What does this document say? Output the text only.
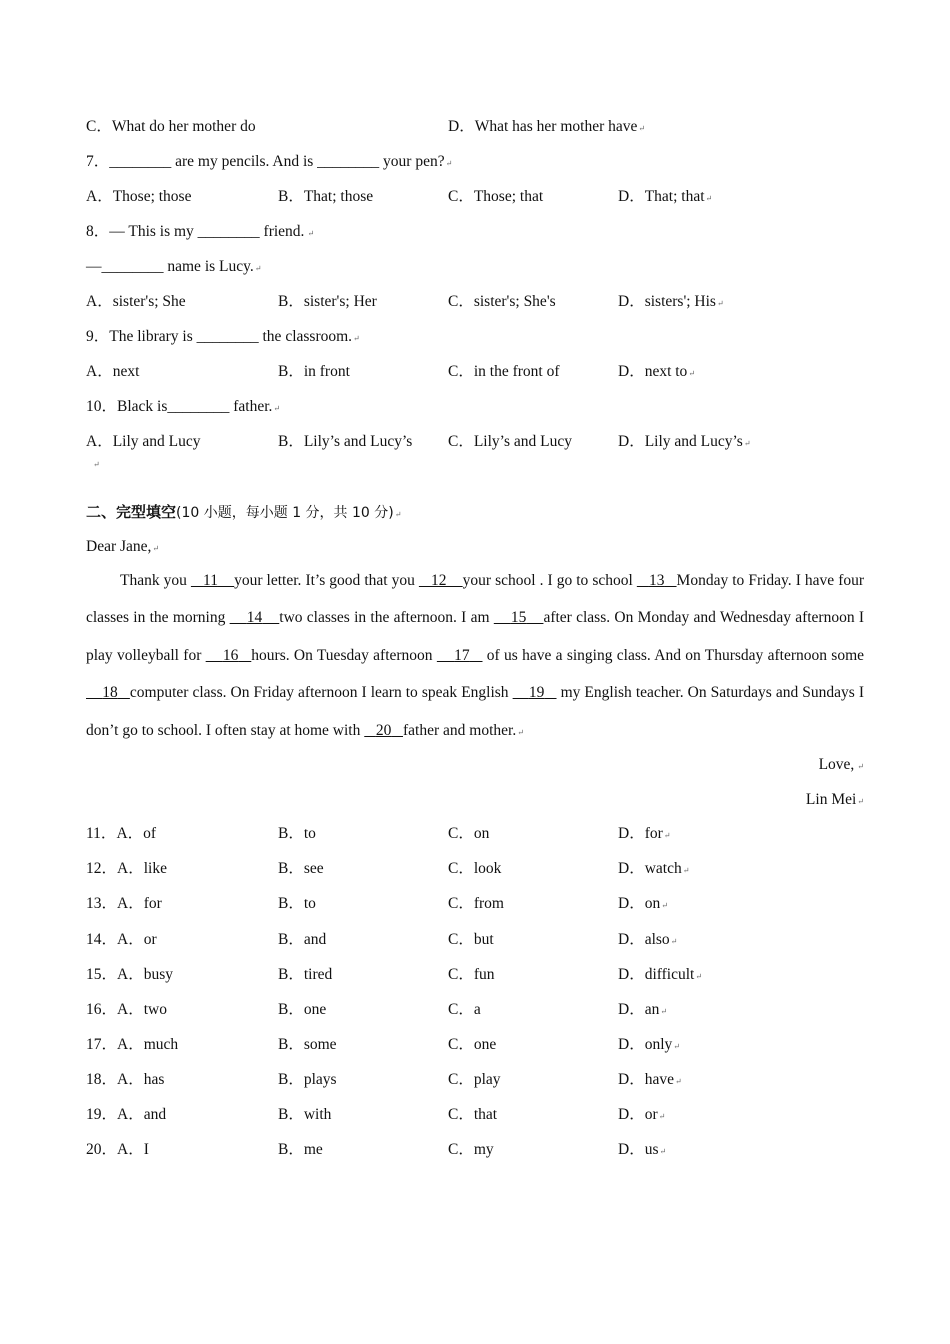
C．What do her mother do	D．What has her mother have↵
7．________ are my pencils. And is ________ your pen?↵
A．Those; those	B．That; those	C．Those; that	D．That; that↵
8．— This is my ________ friend. ↵
—________ name is Lucy.↵
A．sister's; She	B．sister's; Her	C．sister's; She's	D．sisters'; His↵
9．The library is ________ the classroom.↵
A．next	B．in front	C．in the front of	D．next to↵
10．Black is________ father.↵
A．Lily and Lucy	B．Lily’s and Lucy’s C．Lily’s and Lucy	D．Lily and Lucy’s↵
↵
二、完型填空(10 小题，每小题 1 分，共 10 分)↵
Dear Jane,↵
Thank you    11 your letter. It’s good that you    12 your school . I go to school    13 Monday to Friday. I have four classes in the morning     14 two classes in the afternoon. I am     15 after class. On Monday and Wednesday afternoon I play volleyball for     16 hours. On Tuesday afternoon     17    of us have a singing class. And on Thursday afternoon some     18 computer class. On Friday afternoon I learn to speak English     19    my English teacher. On Saturdays and Sundays I don’t go to school. I often stay at home with    20 father and mother.↵
Love, ↵
Lin Mei↵
11．A．of	B．to	C．on	D．for↵
12．A．like	B．see	C．look	D．watch↵
13．A．for	B．to	C．from	D．on↵
14．A．or	B．and	C．but	D．also↵
15．A．busy	B．tired	C．fun	D．difficult↵
16．A．two	B．one	C．a	D．an↵
17．A．much	B．some	C．one	D．only↵
18．A．has	B．plays	C．play	D．have↵
19．A．and	B．with	C．that	D．or↵
20．A．I	B．me	C．my	D．us↵
